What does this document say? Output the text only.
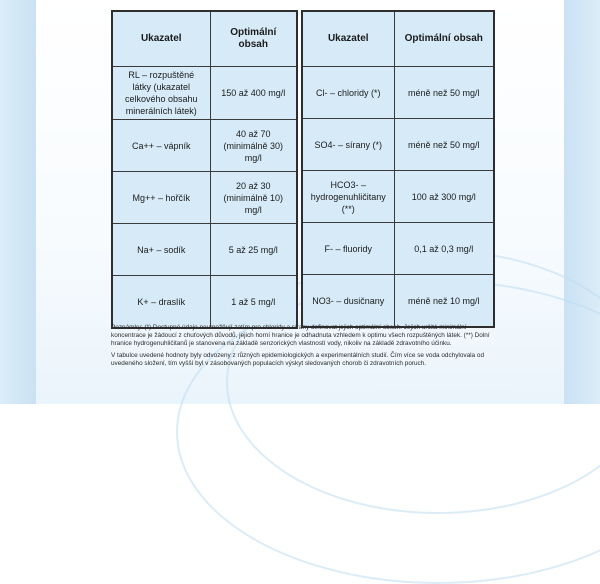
Ukazatel	Optimální obsah
RL – rozpuštěné látky (ukazatel celkového obsahu minerálních látek)	150 až 400 mg/l
Ca++ – vápník	40 až 70 (minimálně 30) mg/l
Mg++ – hořčík	20 až 30 (minimálně 10) mg/l
Na+ – sodík	5 až 25 mg/l
K+ – draslík	1 až 5 mg/l
Ukazatel	Optimální obsah
Cl- – chloridy (*)	méně než 50 mg/l
SO4- – sírany (*)	méně než 50 mg/l
HCO3- – hydrogenuhličitany (**)	100 až 300 mg/l
F- – fluoridy	0,1 až 0,3 mg/l
NO3- – dusičnany	méně než 10 mg/l

Poznámky: (*) Dostupné údaje neumožňují zatím pro chloridy a sírany definovat jejich optimální obsah. Jejich určitá minimální koncentrace je žádoucí z chuťových důvodů, jejich horní hranice je odhadnuta vzhledem k optimu všech rozpuštěných látek. (**) Dolní hranice hydrogenuhličitanů je stanovena na základě senzorických vlastností vody, nikoliv na základě zdravotního účinku.

V tabulce uvedené hodnoty byly odvozeny z různých epidemiologických a experimentálních studií. Čím více se voda odchylovala od uvedeného složení, tím vyšší byl v zásobovaných populacích výskyt sledovaných chorob či zdravotních poruch.
